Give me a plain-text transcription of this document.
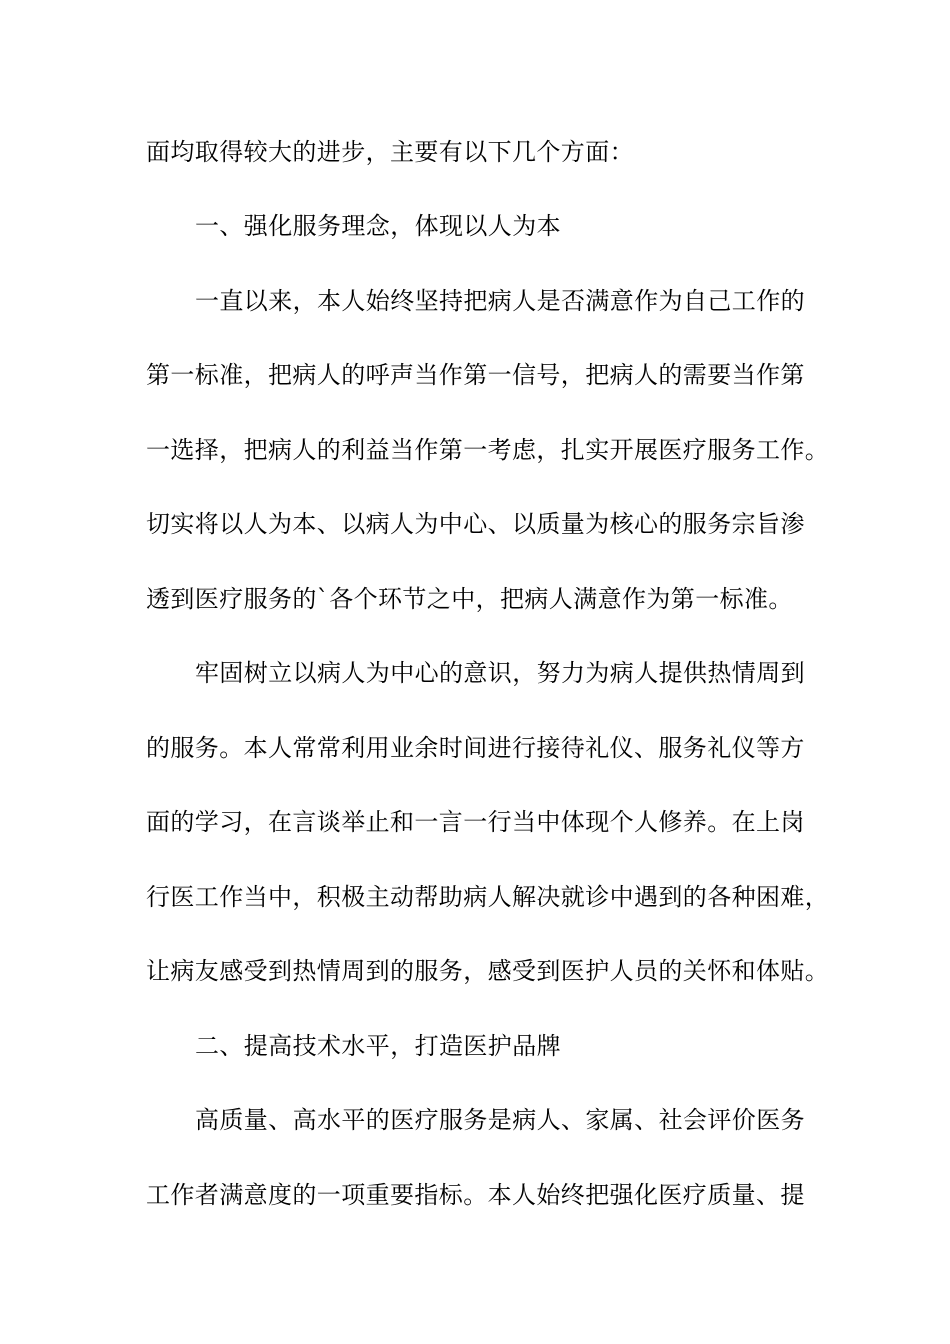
面均取得较大的进步，主要有以下几个方面：
一、强化服务理念，体现以人为本
一直以来，本人始终坚持把病人是否满意作为自己工作的
第一标准，把病人的呼声当作第一信号，把病人的需要当作第
一选择，把病人的利益当作第一考虑，扎实开展医疗服务工作。
切实将以人为本、以病人为中心、以质量为核心的服务宗旨渗
透到医疗服务的`各个环节之中，把病人满意作为第一标准。
牢固树立以病人为中心的意识，努力为病人提供热情周到
的服务。本人常常利用业余时间进行接待礼仪、服务礼仪等方
面的学习，在言谈举止和一言一行当中体现个人修养。在上岗
行医工作当中，积极主动帮助病人解决就诊中遇到的各种困难，
让病友感受到热情周到的服务，感受到医护人员的关怀和体贴。
二、提高技术水平，打造医护品牌
高质量、高水平的医疗服务是病人、家属、社会评价医务
工作者满意度的一项重要指标。本人始终把强化医疗质量、提
